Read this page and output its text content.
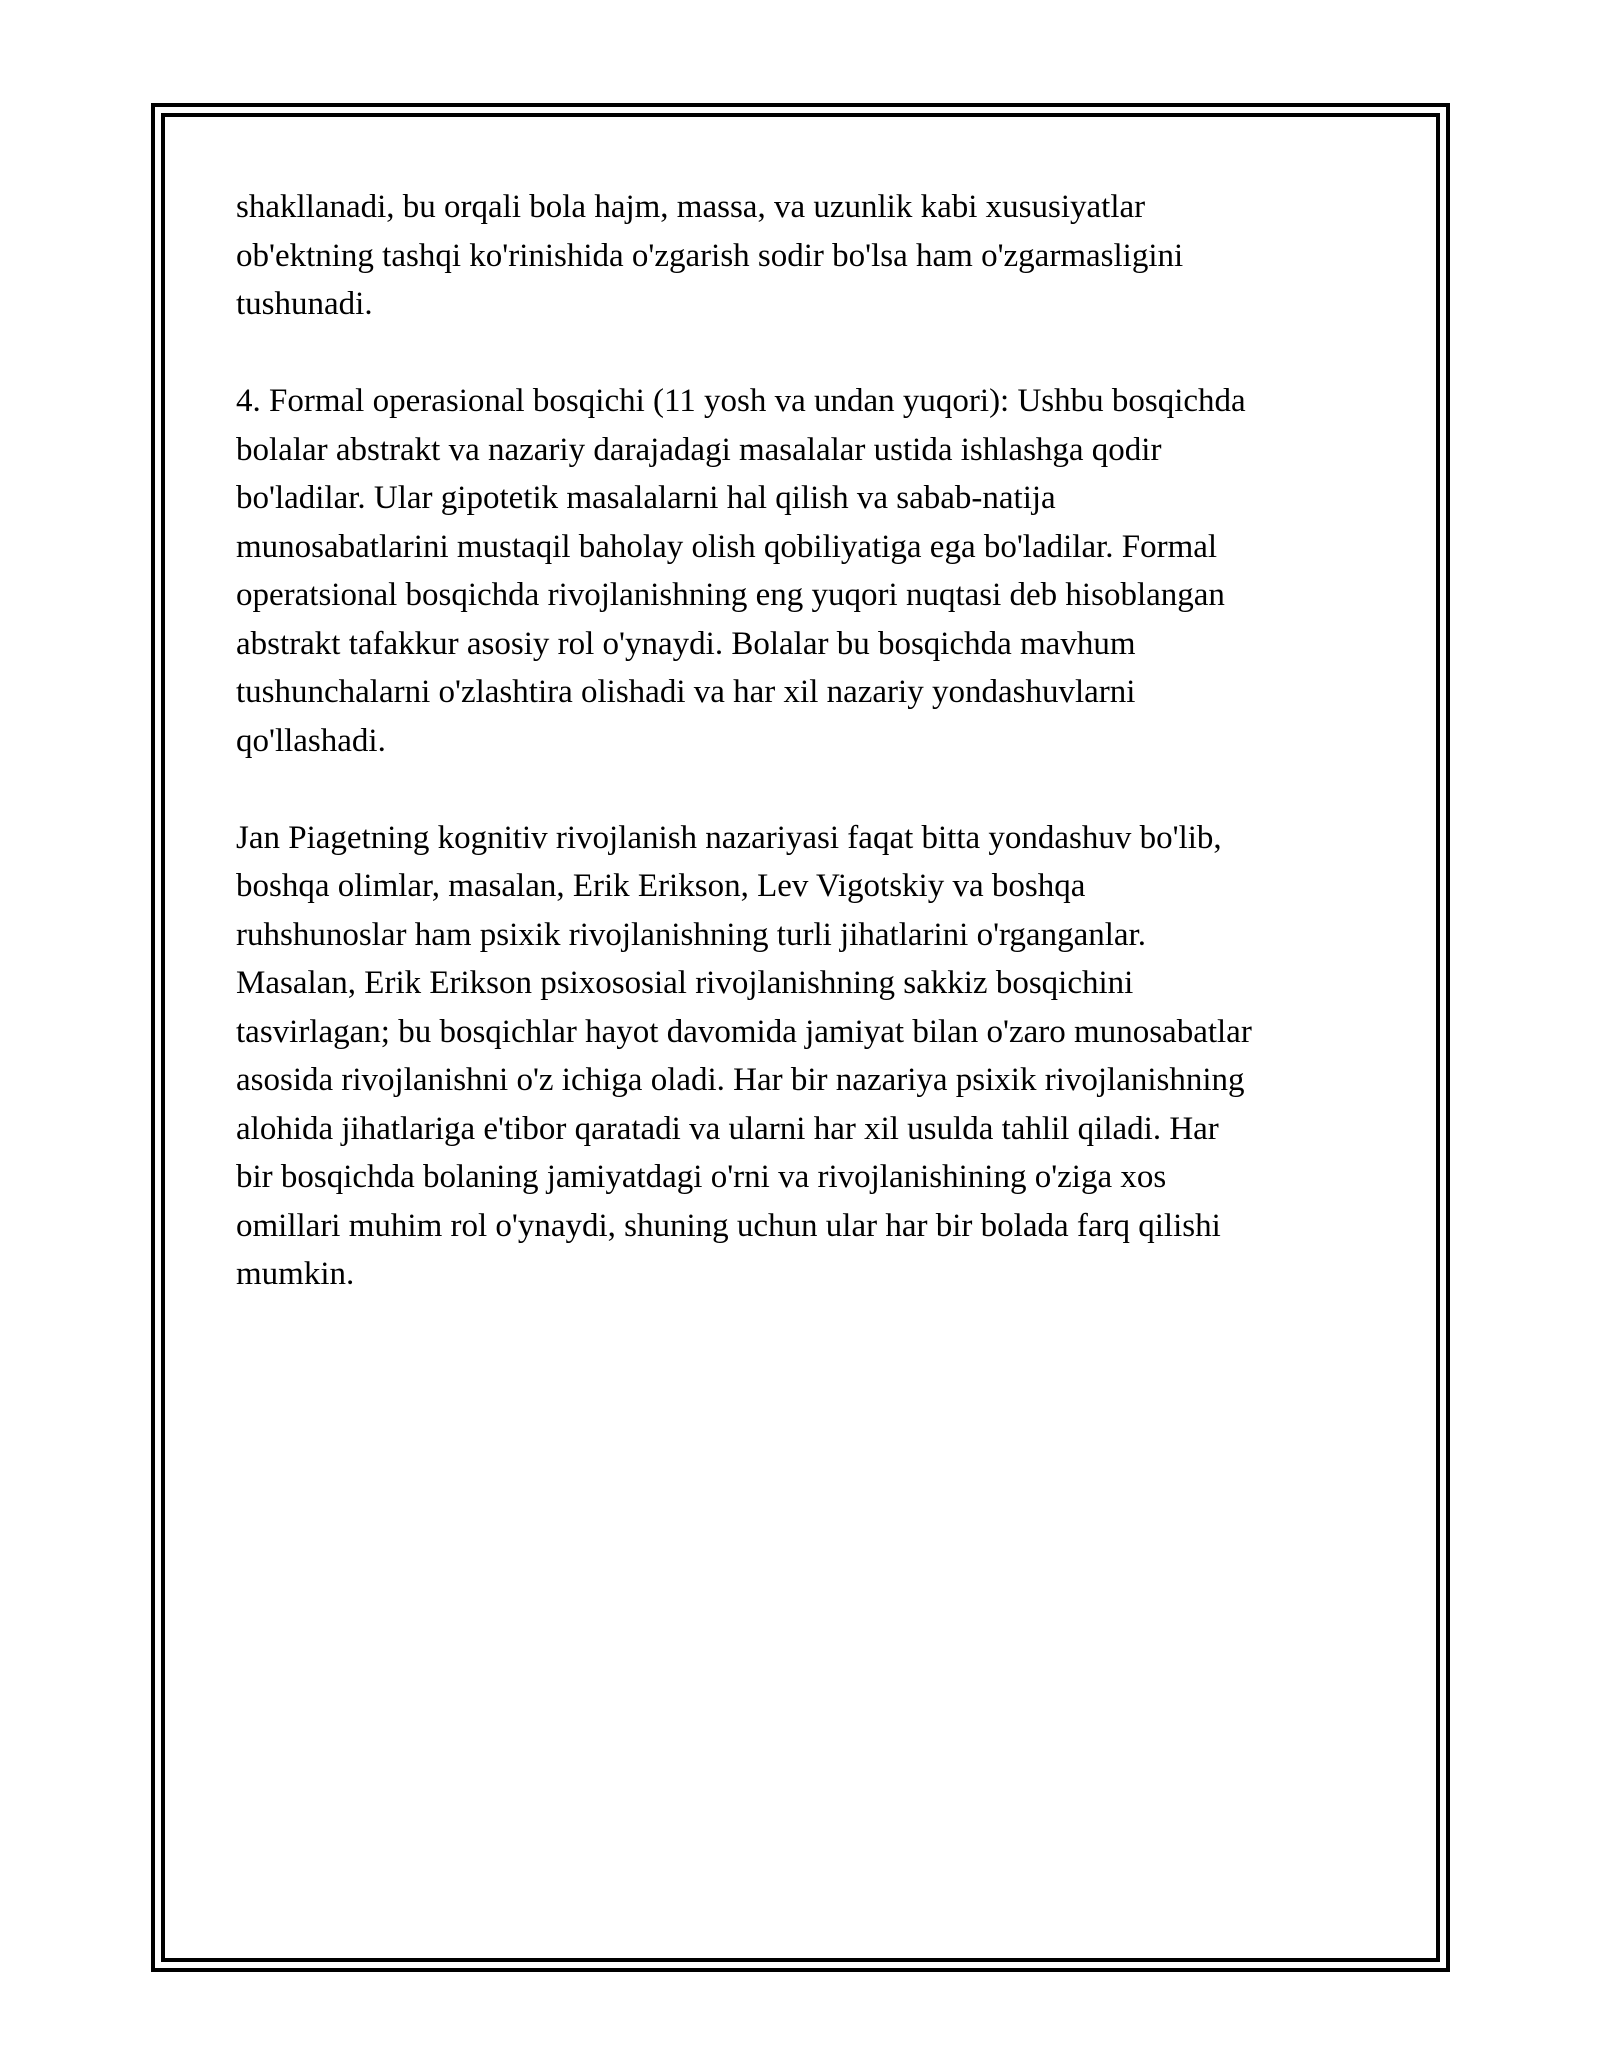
shakllanadi, bu orqali bola hajm, massa, va uzunlik kabi xususiyatlar
ob'ektning tashqi ko'rinishida o'zgarish sodir bo'lsa ham o'zgarmasligini
tushunadi.
4. Formal operasional bosqichi (11 yosh va undan yuqori): Ushbu bosqichda
bolalar abstrakt va nazariy darajadagi masalalar ustida ishlashga qodir
bo'ladilar. Ular gipotetik masalalarni hal qilish va sabab-natija
munosabatlarini mustaqil baholay olish qobiliyatiga ega bo'ladilar. Formal
operatsional bosqichda rivojlanishning eng yuqori nuqtasi deb hisoblangan
abstrakt tafakkur asosiy rol o'ynaydi. Bolalar bu bosqichda mavhum
tushunchalarni o'zlashtira olishadi va har xil nazariy yondashuvlarni
qo'llashadi.
Jan Piagetning kognitiv rivojlanish nazariyasi faqat bitta yondashuv bo'lib,
boshqa olimlar, masalan, Erik Erikson, Lev Vigotskiy va boshqa
ruhshunoslar ham psixik rivojlanishning turli jihatlarini o'rganganlar.
Masalan, Erik Erikson psixososial rivojlanishning sakkiz bosqichini
tasvirlagan; bu bosqichlar hayot davomida jamiyat bilan o'zaro munosabatlar
asosida rivojlanishni o'z ichiga oladi. Har bir nazariya psixik rivojlanishning
alohida jihatlariga e'tibor qaratadi va ularni har xil usulda tahlil qiladi. Har
bir bosqichda bolaning jamiyatdagi o'rni va rivojlanishining o'ziga xos
omillari muhim rol o'ynaydi, shuning uchun ular har bir bolada farq qilishi
mumkin.
